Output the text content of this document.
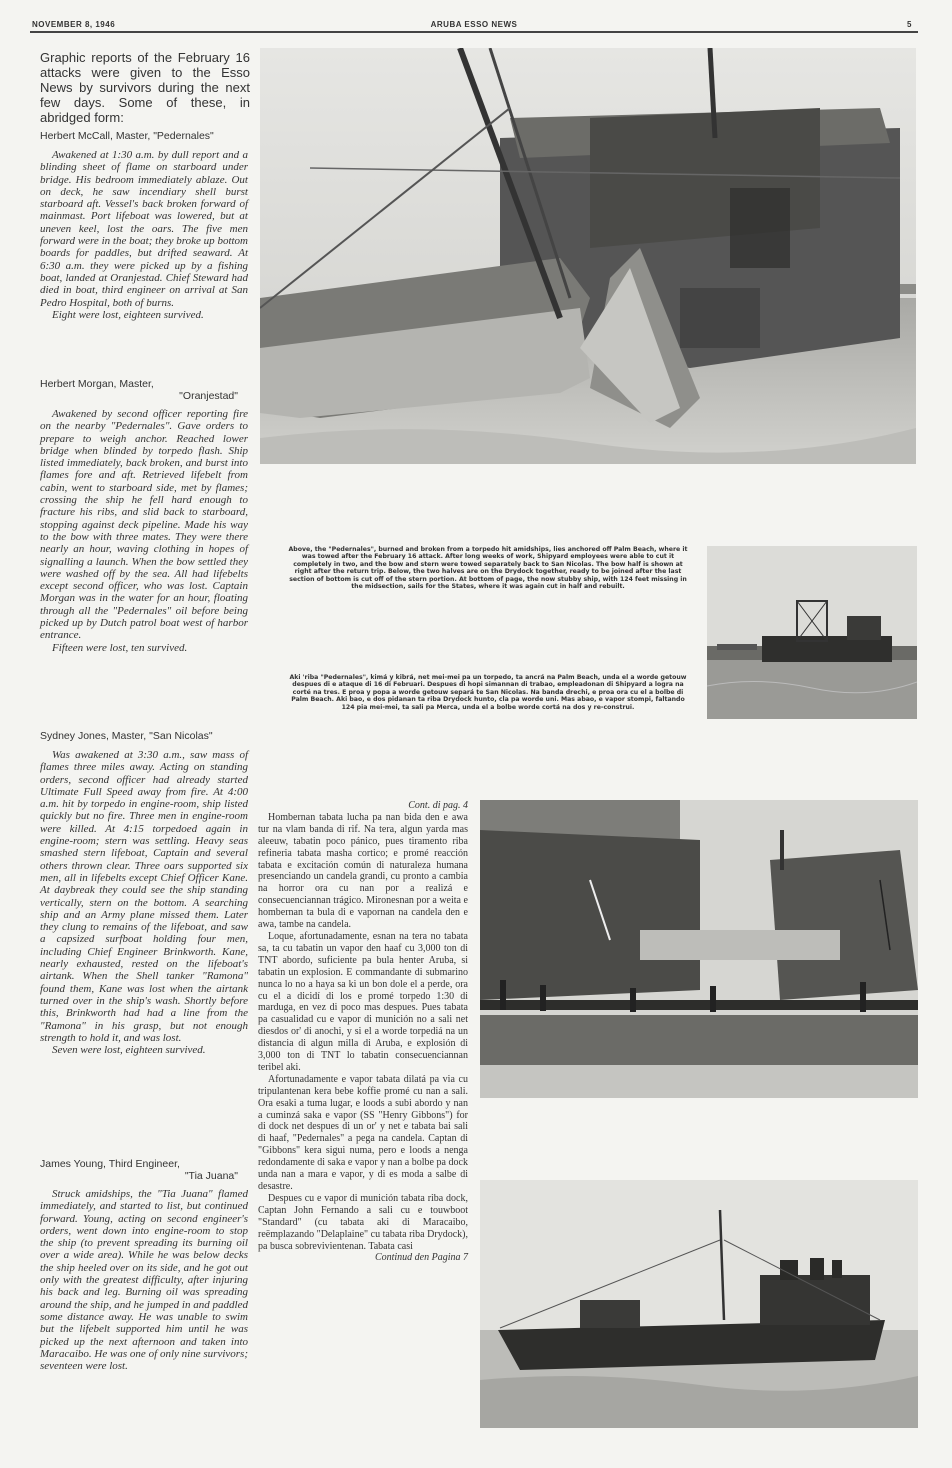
NOVEMBER 8, 1946	ARUBA ESSO NEWS	5
Graphic reports of the February 16 attacks were given to the Esso News by survivors during the next few days. Some of these, in abridged form:
Herbert McCall, Master, "Pedernales"

Awakened at 1:30 a.m. by dull report and a blinding sheet of flame on starboard under bridge. His bedroom immediately ablaze. Out on deck, he saw incendiary shell burst starboard aft. Vessel's back broken forward of mainmast. Port lifeboat was lowered, but at uneven keel, lost the oars. The five men forward were in the boat; they broke up bottom boards for paddles, but drifted seaward. At 6:30 a.m. they were picked up by a fishing boat, landed at Oranjestad. Chief Steward had died in boat, third engineer on arrival at San Pedro Hospital, both of burns.

Eight were lost, eighteen survived.

Herbert Morgan, Master,
"Oranjestad"

Awakened by second officer reporting fire on the nearby "Pedernales". Gave orders to prepare to weigh anchor. Reached lower bridge when blinded by torpedo flash. Ship listed immediately, back broken, and burst into flames fore and aft. Retrieved lifebelt from cabin, went to starboard side, met by flames; crossing the ship he fell hard enough to fracture his ribs, and slid back to starboard, stopping against deck pipeline. Made his way to the bow with three mates. They were there nearly an hour, waving clothing in hopes of signalling a launch. When the bow settled they were washed off by the sea. All had lifebelts except second officer, who was lost. Captain Morgan was in the water for an hour, floating through all the "Pedernales" oil before being picked up by Dutch patrol boat west of harbor entrance.

Fifteen were lost, ten survived.

Sydney Jones, Master, "San Nicolas"

Was awakened at 3:30 a.m., saw mass of flames three miles away. Acting on standing orders, second officer had already started Ultimate Full Speed away from fire. At 4:00 a.m. hit by torpedo in engine-room, ship listed quickly but no fire. Three men in engine-room were killed. At 4:15 torpedoed again in engine-room; stern was settling. Heavy seas smashed stern lifeboat, Captain and several others thrown clear. Three oars supported six men, all in lifebelts except Chief Officer Kane. At daybreak they could see the ship standing vertically, stern on the bottom. A searching ship and an Army plane missed them. Later they clung to remains of the lifeboat, and saw a capsized surfboat holding four men, including Chief Engineer Brinkworth. Kane, nearly exhausted, rested on the lifeboat's airtank. When the Shell tanker "Ramona" found them, Kane was lost when the airtank turned over in the ship's wash. Shortly before this, Brinkworth had had a line from the "Ramona" in his grasp, but not enough strength to hold it, and was lost.

Seven were lost, eighteen survived.

James Young, Third Engineer,
"Tia Juana"

Struck amidships, the "Tia Juana" flamed immediately, and started to list, but continued forward. Young, acting on second engineer's orders, went down into engine-room to stop the ship (to prevent spreading its burning oil over a wide area). While he was below decks the ship heeled over on its side, and he got out only with the greatest difficulty, after injuring his back and leg. Burning oil was spreading around the ship, and he jumped in and paddled some distance away. He was unable to swim but the lifebelt supported him until he was picked up the next afternoon and taken into Maracaibo. He was one of only nine survivors; seventeen were lost.

Above, the "Pedernales", burned and broken from a torpedo hit amidships, lies anchored off Palm Beach, where it was towed after the February 16 attack. After long weeks of work, Shipyard employees were able to cut it completely in two, and the bow and stern were towed separately back to San Nicolas. The bow half is shown at right after the return trip. Below, the two halves are on the Drydock together, ready to be joined after the last section of bottom is cut off of the stern portion. At bottom of page, the now stubby ship, with 124 feet missing in the midsection, sails for the States, where it was again cut in half and rebuilt.
Aki 'riba "Pedernales", kimá y kibrá, net mei-mei pa un torpedo, ta ancrá na Palm Beach, unda el a worde getouw despues di e ataque di 16 di Februari. Despues di hopi simannan di trabao, empleadonan di Shipyard a logra na corté na tres. E proa y popa a worde getouw separá te San Nicolas. Na banda drechi, e proa ora cu el a bolbe di Palm Beach. Aki bao, e dos pidanan ta riba Drydock hunto, cla pa worde uni. Mas abao, e vapor stompi, faltando 124 pia mei-mei, ta sali pa Merca, unda el a bolbe worde cortá na dos y re-construi.

Cont. di pag. 4

Hombernan tabata lucha pa nan bida den e awa tur na vlam banda di rif. Na tera, algun yarda mas aleeuw, tabatin poco pánico, pues tiramento riba refineria tabata masha cortico; e promé reacción tabata e excitación común di naturaleza humana presenciando un candela grandi, cu pronto a cambia na horror ora cu nan por a realizá e consecuenciannan trágico. Mironesnan por a weita e hombernan ta bula di e vapornan na candela den e awa, tambe na candela.

Loque, afortunadamente, esnan na tera no tabata sa, ta cu tabatin un vapor den haaf cu 3,000 ton di TNT abordo, suficiente pa bula henter Aruba, si tabatin un explosion. E commandante di submarino nunca lo no a haya sa ki un bon dole el a perde, ora cu el a dicidí di los e promé torpedo 1:30 di marduga, en vez di poco mas despues. Pues tabata pa casualidad cu e vapor di munición no a sali net diesdos or' di anochi, y si el a worde torpediá na un distancia di algun milla di Aruba, e explosión di 3,000 ton di TNT lo tabatin consecuenciannan teribel aki.

Afortunadamente e vapor tabata dilatá pa via cu tripulantenan kera bebe koffie promé cu nan a sali. Ora esaki a tuma lugar, e loods a subi abordo y nan a cuminzá saka e vapor (SS "Henry Gibbons") for di dock net despues di un or' y net e tabata bai sali di haaf, "Pedernales" a pega na candela. Captan di "Gibbons" kera sigui numa, pero e loods a nenga redondamente di saka e vapor y nan a bolbe pa dock unda nan a mara e vapor, y di es moda a salbe di desastre.

Despues cu e vapor di munición tabata riba dock, Captan John Fernando a sali cu e touwboot "Standard" (cu tabata aki di Maracaibo, reëmplazando "Delaplaine" cu tabata riba Drydock), pa busca sobrevivientenan. Tabata casi

Continud den Pagina 7
